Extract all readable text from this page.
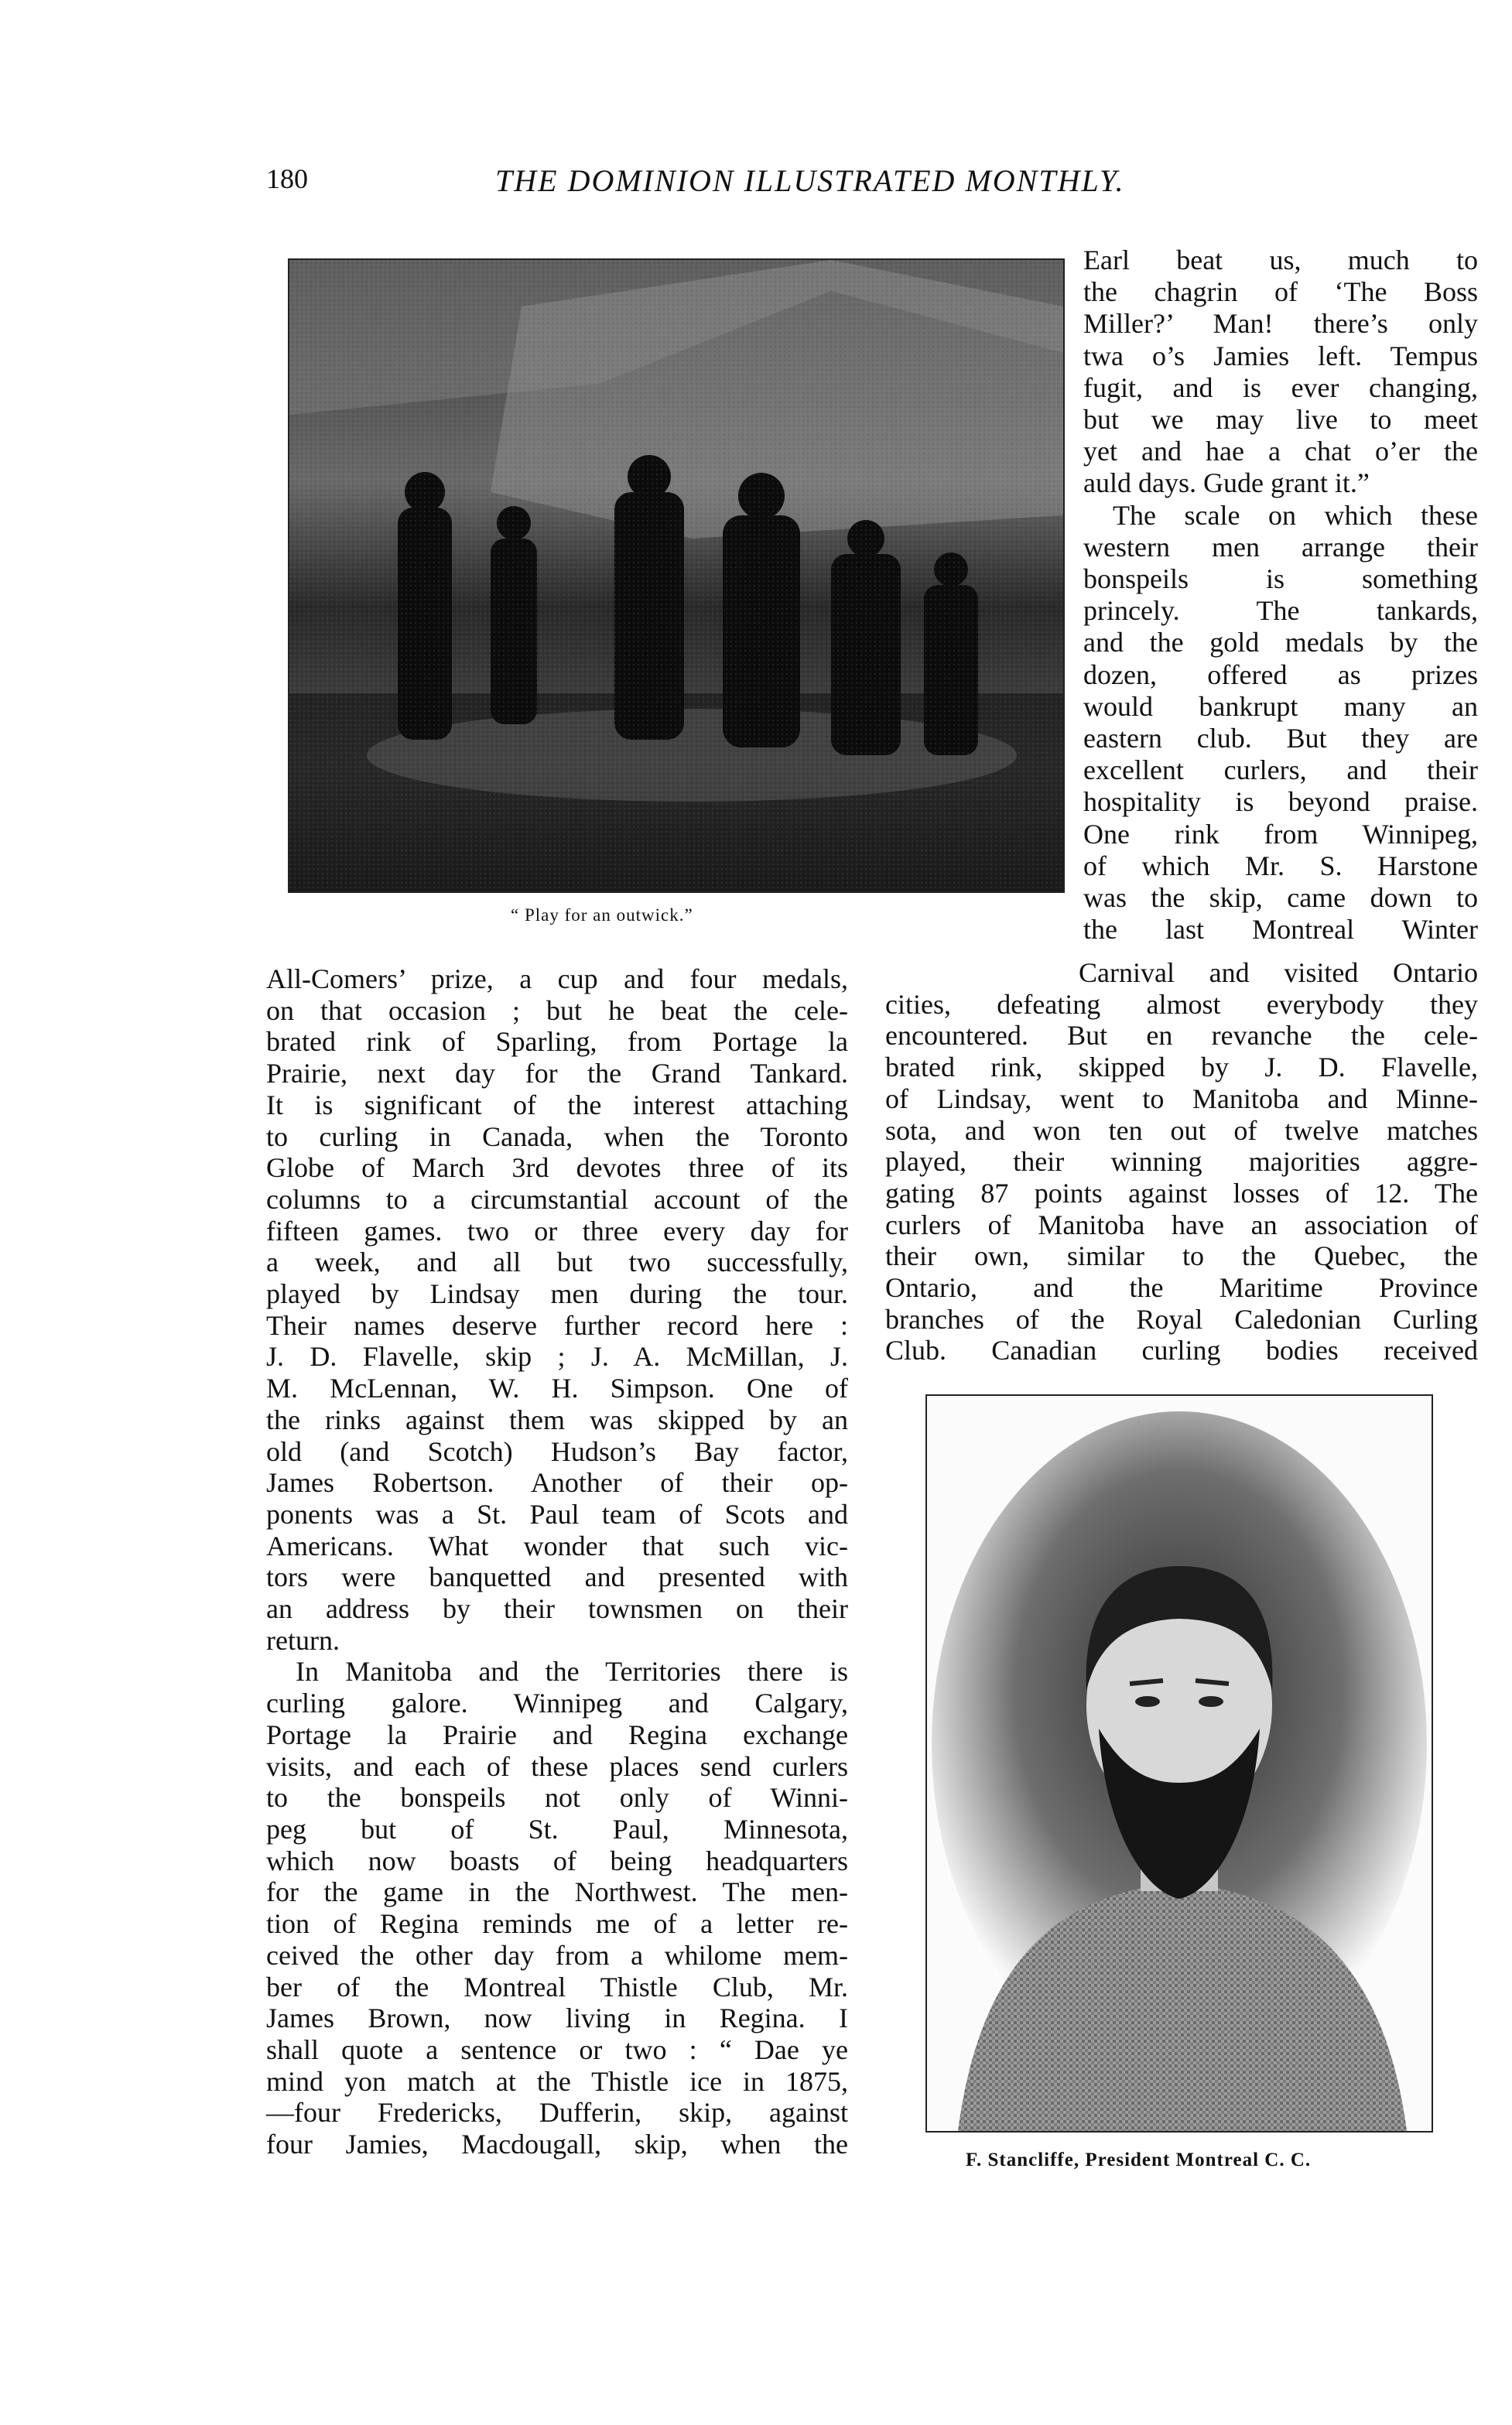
180	THE DOMINION ILLUSTRATED MONTHLY.
“ Play for an outwick.”
F. Stancliffe, President Montreal C. C.
Earl beat us, much to
the chagrin of ‘The Boss
Miller?’ Man! there’s only
twa o’s Jamies left. Tempus
fugit, and is ever changing,
but we may live to meet
yet and hae a chat o’er the
auld days. Gude grant it.”
The scale on which these
western men arrange their
bonspeils is something
princely. The tankards,
and the gold medals by the
dozen, offered as prizes
would bankrupt many an
eastern club. But they are
excellent curlers, and their
hospitality is beyond praise.
One rink from Winnipeg,
of which Mr. S. Harstone
was the skip, came down to
the last Montreal Winter
Carnival and visited Ontario
cities, defeating almost everybody they
encountered. But en revanche the cele-
brated rink, skipped by J. D. Flavelle,
of Lindsay, went to Manitoba and Minne-
sota, and won ten out of twelve matches
played, their winning majorities aggre-
gating 87 points against losses of 12. The
curlers of Manitoba have an association of
their own, similar to the Quebec, the
Ontario, and the Maritime Province
branches of the Royal Caledonian Curling
Club. Canadian curling bodies received
All-Comers’ prize, a cup and four medals,
on that occasion ; but he beat the cele-
brated rink of Sparling, from Portage la
Prairie, next day for the Grand Tankard.
It is significant of the interest attaching
to curling in Canada, when the Toronto
Globe of March 3rd devotes three of its
columns to a circumstantial account of the
fifteen games. two or three every day for
a week, and all but two successfully,
played by Lindsay men during the tour.
Their names deserve further record here :
J. D. Flavelle, skip ; J. A. McMillan, J.
M. McLennan, W. H. Simpson. One of
the rinks against them was skipped by an
old (and Scotch) Hudson’s Bay factor,
James Robertson. Another of their op-
ponents was a St. Paul team of Scots and
Americans. What wonder that such vic-
tors were banquetted and presented with
an address by their townsmen on their
return.
In Manitoba and the Territories there is
curling galore. Winnipeg and Calgary,
Portage la Prairie and Regina exchange
visits, and each of these places send curlers
to the bonspeils not only of Winni-
peg but of St. Paul, Minnesota,
which now boasts of being headquarters
for the game in the Northwest. The men-
tion of Regina reminds me of a letter re-
ceived the other day from a whilome mem-
ber of the Montreal Thistle Club, Mr.
James Brown, now living in Regina. I
shall quote a sentence or two : “ Dae ye
mind yon match at the Thistle ice in 1875,
—four Fredericks, Dufferin, skip, against
four Jamies, Macdougall, skip, when the
